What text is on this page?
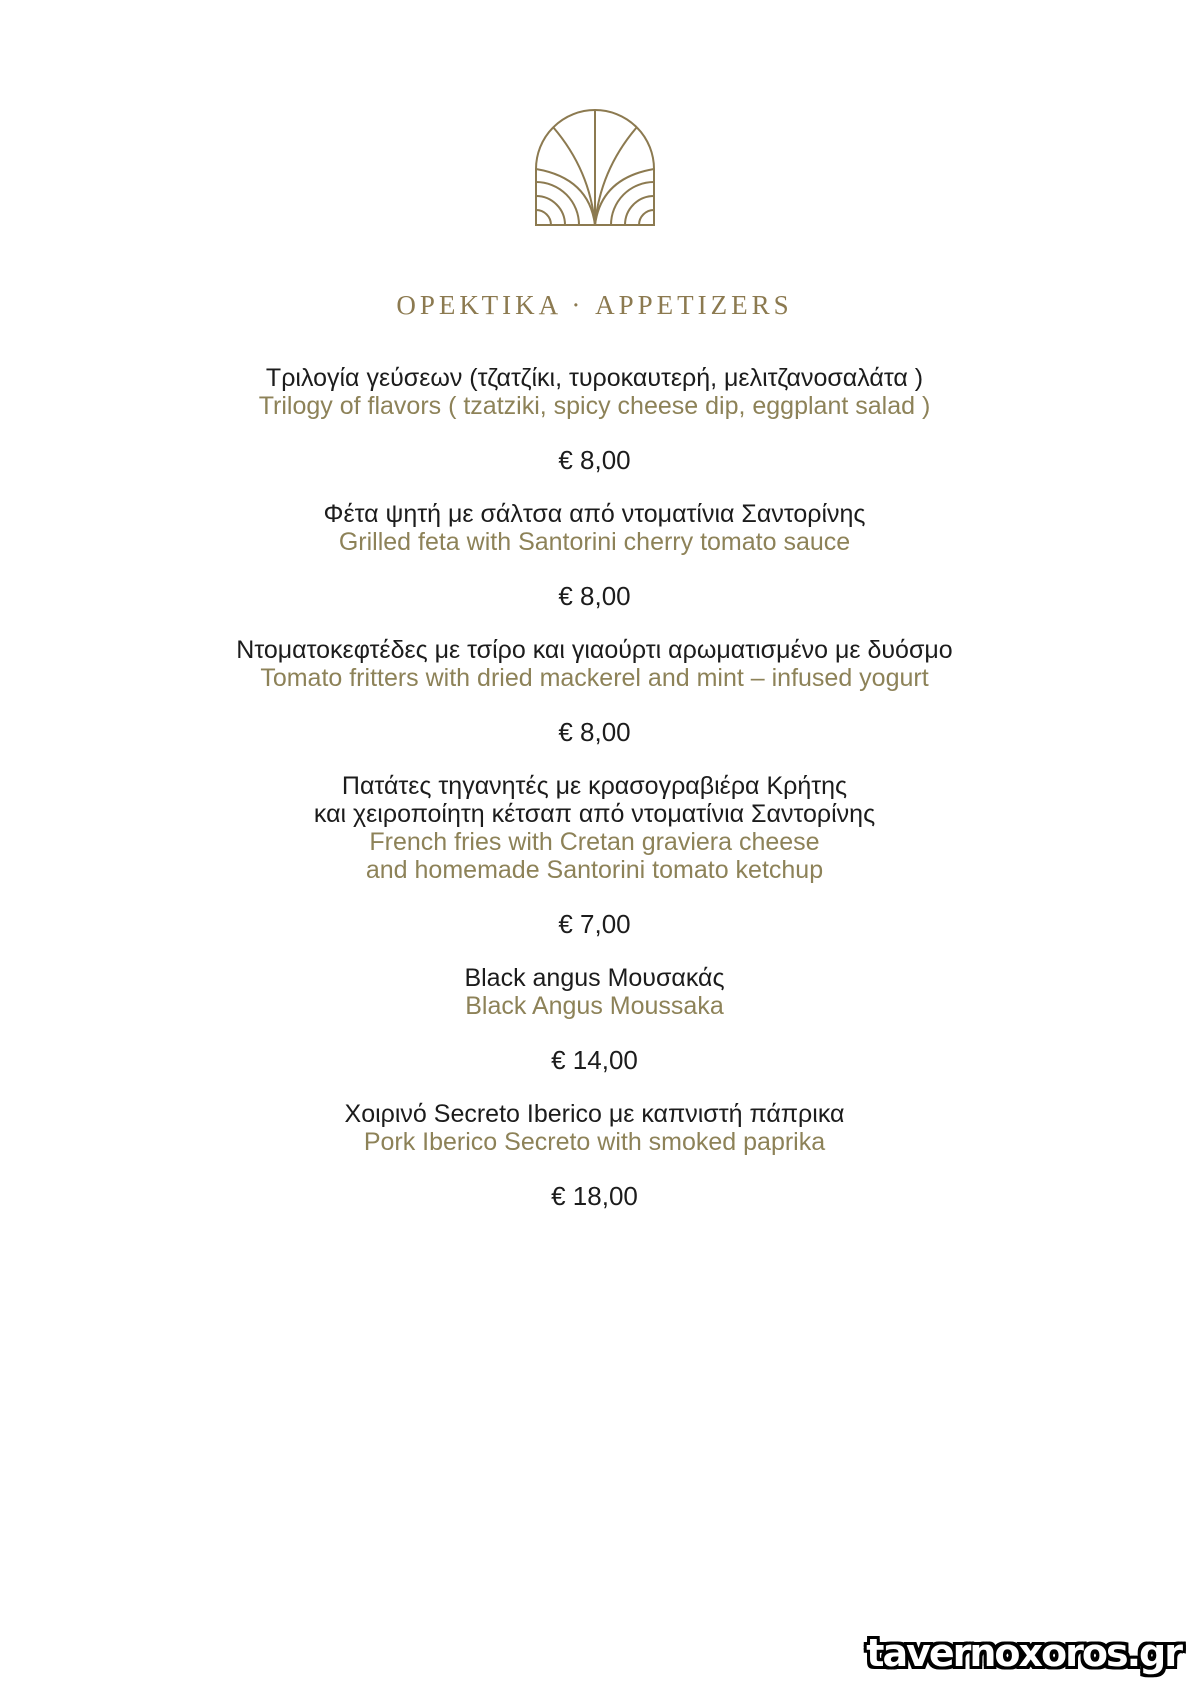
ΟΡΕΚΤΙΚΑ · APPETIZERS
Τριλογία γεύσεων (τζατζίκι, τυροκαυτερή, μελιτζανοσαλάτα )
Trilogy of flavors ( tzatziki, spicy cheese dip, eggplant salad )
€ 8,00
Φέτα ψητή με σάλτσα από ντοματίνια Σαντορίνης
Grilled feta with Santorini cherry tomato sauce
€ 8,00
Ντοματοκεφτέδες με τσίρο και γιαούρτι αρωματισμένο με δυόσμο
Tomato fritters with dried mackerel and mint – infused yogurt
€ 8,00
Πατάτες τηγανητές με κρασογραβιέρα Κρήτης
και χειροποίητη κέτσαπ από ντοματίνια Σαντορίνης
French fries with Cretan graviera cheese
and homemade Santorini tomato ketchup
€ 7,00
Black angus Μουσακάς
Black Angus Moussaka
€ 14,00
Χοιρινό Secreto Iberico με καπνιστή πάπρικα
Pork Iberico Secreto with smoked paprika
€ 18,00
tavernoxoros.gr
